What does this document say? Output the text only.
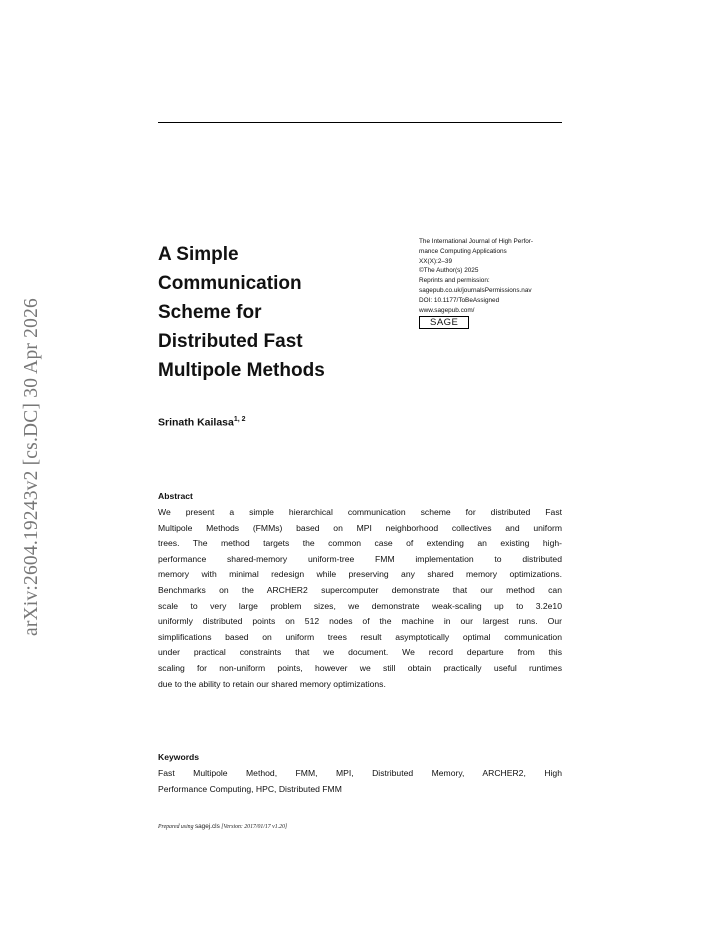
arXiv:2604.19243v2 [cs.DC] 30 Apr 2026
A Simple
Communication
Scheme for
Distributed Fast
Multipole Methods
The International Journal of High Perfor-
mance Computing Applications
XX(X):2–39
©The Author(s) 2025
Reprints and permission:
sagepub.co.uk/journalsPermissions.nav
DOI: 10.1177/ToBeAssigned
www.sagepub.com/
SAGE
Srinath Kailasa$^{1, 2}$
Abstract
We present a simple hierarchical communication scheme for distributed Fast
Multipole Methods (FMMs) based on MPI neighborhood collectives and uniform
trees. The method targets the common case of extending an existing high-
performance shared-memory uniform-tree FMM implementation to distributed
memory with minimal redesign while preserving any shared memory optimizations.
Benchmarks on the ARCHER2 supercomputer demonstrate that our method can
scale to very large problem sizes, we demonstrate weak-scaling up to 3.2e10
uniformly distributed points on 512 nodes of the machine in our largest runs. Our
simplifications based on uniform trees result asymptotically optimal communication
under practical constraints that we document. We record departure from this
scaling for non-uniform points, however we still obtain practically useful runtimes
due to the ability to retain our shared memory optimizations.
Keywords
Fast Multipole Method, FMM, MPI, Distributed Memory, ARCHER2, High
Performance Computing, HPC, Distributed FMM
Prepared using sagej.cls [Version: 2017/01/17 v1.20]
